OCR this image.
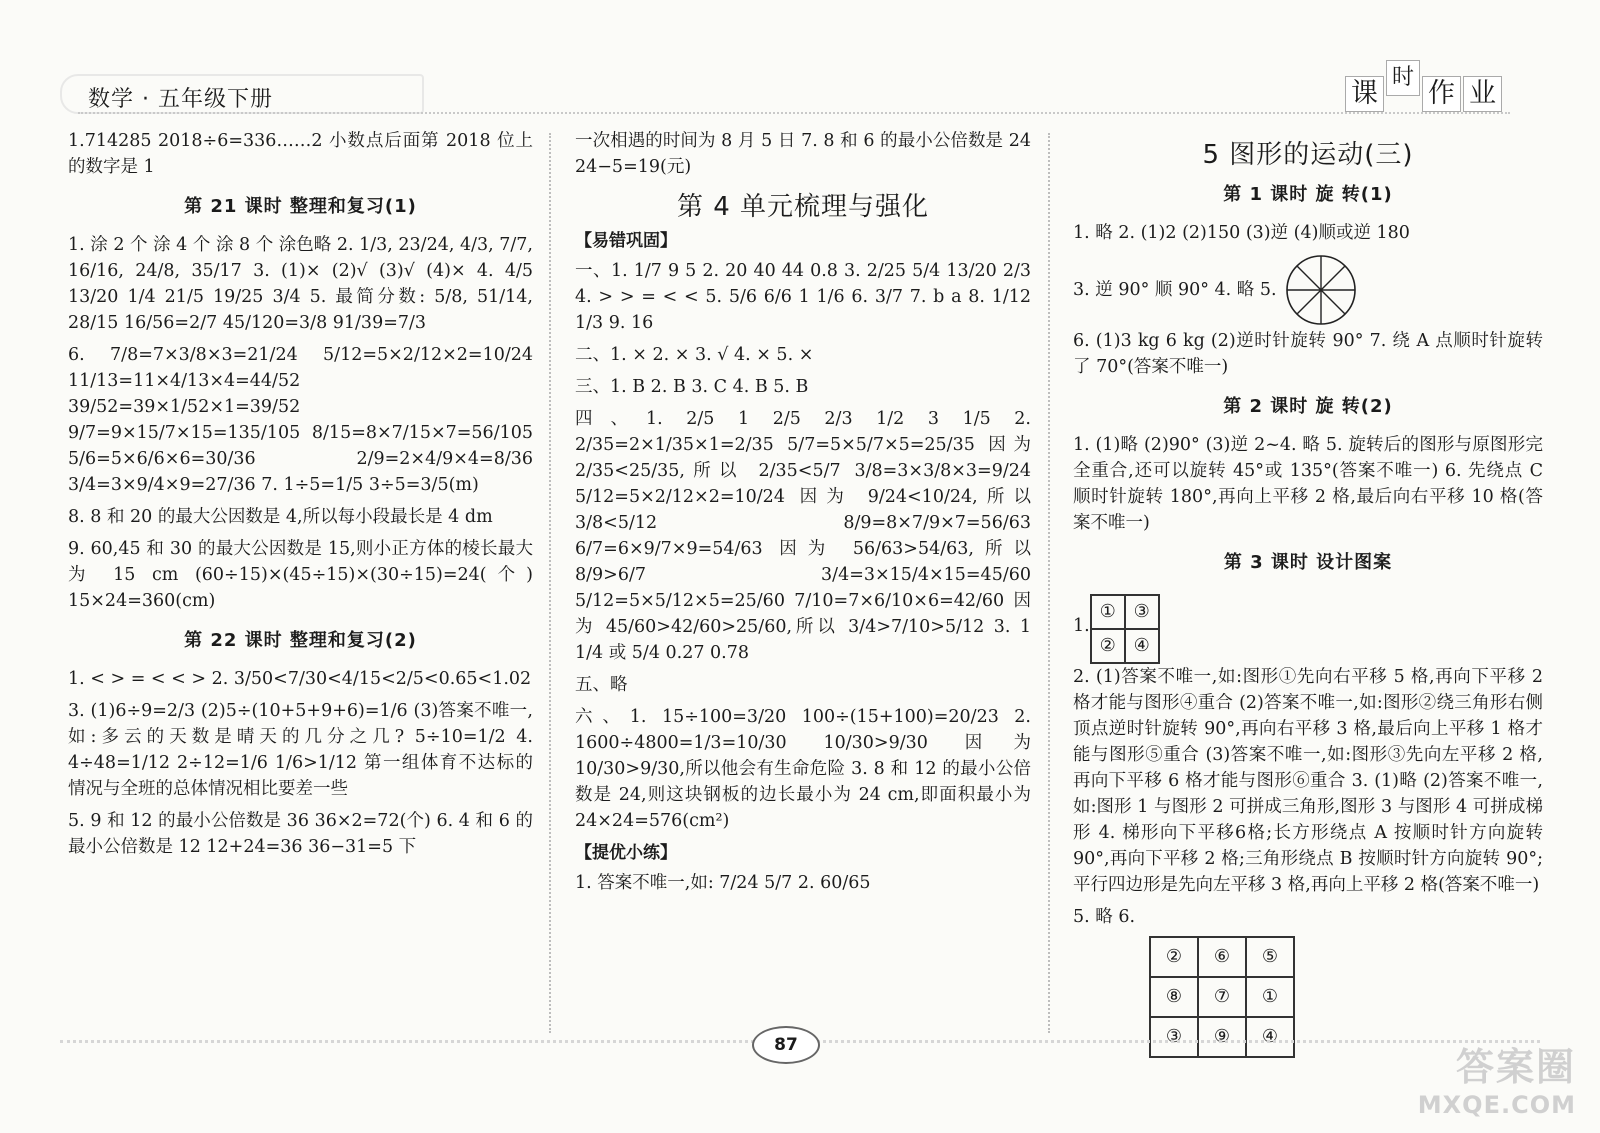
数学 · 五年级下册	课
时
作 业

1.714285 2018÷6=336……2 小数点后面第 2018 位上的数字是 1

第 21 课时 整理和复习(1)

1. 涂 2 个 涂 4 个 涂 8 个 涂色略 2. 1/3, 23/24, 4/3, 7/7, 16/16, 24/8, 35/17 3. (1)× (2)√ (3)√ (4)× 4. 4/5 13/20 1/4 21/5 19/25 3/4 5. 最简分数: 5/8, 51/14, 28/15 16/56=2/7 45/120=3/8 91/39=7/3

6. 7/8=7×3/8×3=21/24 5/12=5×2/12×2=10/24 11/13=11×4/13×4=44/52 39/52=39×1/52×1=39/52 9/7=9×15/7×15=135/105 8/15=8×7/15×7=56/105 5/6=5×6/6×6=30/36 2/9=2×4/9×4=8/36 3/4=3×9/4×9=27/36 7. 1÷5=1/5 3÷5=3/5(m)

8. 8 和 20 的最大公因数是 4,所以每小段最长是 4 dm

9. 60,45 和 30 的最大公因数是 15,则小正方体的棱长最大为 15 cm (60÷15)×(45÷15)×(30÷15)=24(个) 15×24=360(cm)

第 22 课时 整理和复习(2)

1. < > = < < > 2. 3/50<7/30<4/15<2/5<0.65<1.02

3. (1)6÷9=2/3 (2)5÷(10+5+9+6)=1/6 (3)答案不唯一,如:多云的天数是晴天的几分之几? 5÷10=1/2 4. 4÷48=1/12 2÷12=1/6 1/6>1/12 第一组体育不达标的情况与全班的总体情况相比要差一些

5. 9 和 12 的最小公倍数是 36 36×2=72(个) 6. 4 和 6 的最小公倍数是 12 12+24=36 36−31=5 下

一次相遇的时间为 8 月 5 日 7. 8 和 6 的最小公倍数是 24 24−5=19(元)

第 4 单元梳理与强化
【易错巩固】

一、1. 1/7 9 5 2. 20 40 44 0.8 3. 2/25 5/4 13/20 2/3 4. > > = < < 5. 5/6 6/6 1 1/6 6. 3/7 7. b a 8. 1/12 1/3 9. 16

二、1. × 2. × 3. √ 4. × 5. ×

三、1. B 2. B 3. C 4. B 5. B

四、1. 2/5 1 2/5 2/3 1/2 3 1/5 2. 2/35=2×1/35×1=2/35 5/7=5×5/7×5=25/35 因为 2/35<25/35,所以 2/35<5/7 3/8=3×3/8×3=9/24 5/12=5×2/12×2=10/24 因为 9/24<10/24,所以 3/8<5/12 8/9=8×7/9×7=56/63 6/7=6×9/7×9=54/63 因为 56/63>54/63,所以 8/9>6/7 3/4=3×15/4×15=45/60 5/12=5×5/12×5=25/60 7/10=7×6/10×6=42/60 因为 45/60>42/60>25/60,所以 3/4>7/10>5/12 3. 1 1/4 或 5/4 0.27 0.78

五、略

六、1. 15÷100=3/20 100÷(15+100)=20/23 2. 1600÷4800=1/3=10/30 10/30>9/30 因为 10/30>9/30,所以他会有生命危险 3. 8 和 12 的最小公倍数是 24,则这块钢板的边长最小为 24 cm,即面积最小为 24×24=576(cm²)

【提优小练】

1. 答案不唯一,如: 7/24 5/7 2. 60/65

5 图形的运动(三)
第 1 课时 旋 转(1)

1. 略 2. (1)2 (2)150 (3)逆 (4)顺或逆 180

3. 逆 90° 顺 90° 4. 略 5.

6. (1)3 kg 6 kg (2)逆时针旋转 90° 7. 绕 A 点顺时针旋转了 70°(答案不唯一)

第 2 课时 旋 转(2)

1. (1)略 (2)90° (3)逆 2~4. 略 5. 旋转后的图形与原图形完全重合,还可以旋转 45°或 135°(答案不唯一) 6. 先绕点 C 顺时针旋转 180°,再向上平移 2 格,最后向右平移 10 格(答案不唯一)

第 3 课时 设计图案
1.
① ③
② ④

2. (1)答案不唯一,如:图形①先向右平移 5 格,再向下平移 2 格才能与图形④重合 (2)答案不唯一,如:图形②绕三角形右侧顶点逆时针旋转 90°,再向右平移 3 格,最后向上平移 1 格才能与图形⑤重合 (3)答案不唯一,如:图形③先向左平移 2 格,再向下平移 6 格才能与图形⑥重合 3. (1)略 (2)答案不唯一,如:图形 1 与图形 2 可拼成三角形,图形 3 与图形 4 可拼成梯形 4. 梯形向下平移6格;长方形绕点 A 按顺时针方向旋转 90°,再向下平移 2 格;三角形绕点 B 按顺时针方向旋转 90°;平行四边形是先向左平移 3 格,再向上平移 2 格(答案不唯一)

5. 略 6.

②	⑥	⑤
⑧	⑦	①
③	⑨	④
87	答案圈
MXQE.COM
